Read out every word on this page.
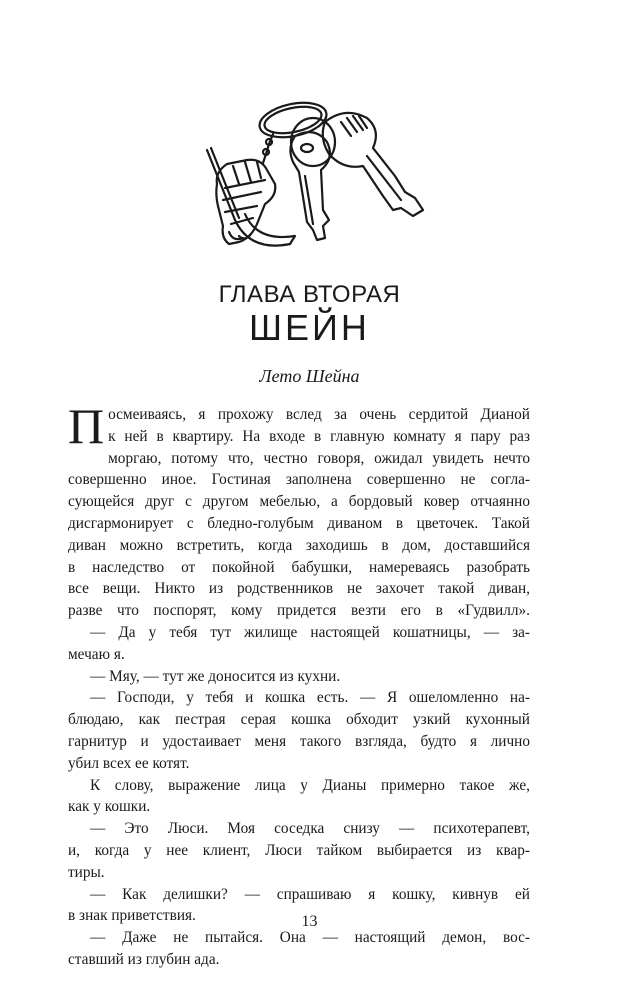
ГЛАВА ВТОРАЯ
ШЕЙН
Лето Шейна
П осмеиваясь, я прохожу вслед за очень сердитой Дианой
к ней в квартиру. На входе в главную комнату я пару раз
моргаю, потому что, честно говоря, ожидал увидеть нечто
совершенно иное. Гостиная заполнена совершенно не согла-
сующейся друг с другом мебелью, а бордовый ковер отчаянно
дисгармонирует с бледно-голубым диваном в цветочек. Такой
диван можно встретить, когда заходишь в дом, доставшийся
в наследство от покойной бабушки, намереваясь разобрать
все вещи. Никто из родственников не захочет такой диван,
разве что поспорят, кому придется везти его в «Гудвилл».
— Да у тебя тут жилище настоящей кошатницы, — за-
мечаю я.
— Мяу, — тут же доносится из кухни.
— Господи, у тебя и кошка есть. — Я ошеломленно на-
блюдаю, как пестрая серая кошка обходит узкий кухонный
гарнитур и удостаивает меня такого взгляда, будто я лично
убил всех ее котят.
К слову, выражение лица у Дианы примерно такое же,
как у кошки.
— Это Люси. Моя соседка снизу — психотерапевт,
и, когда у нее клиент, Люси тайком выбирается из квар-
тиры.
— Как делишки? — спрашиваю я кошку, кивнув ей
в знак приветствия.
— Даже не пытайся. Она — настоящий демон, вос-
ставший из глубин ада.
13
